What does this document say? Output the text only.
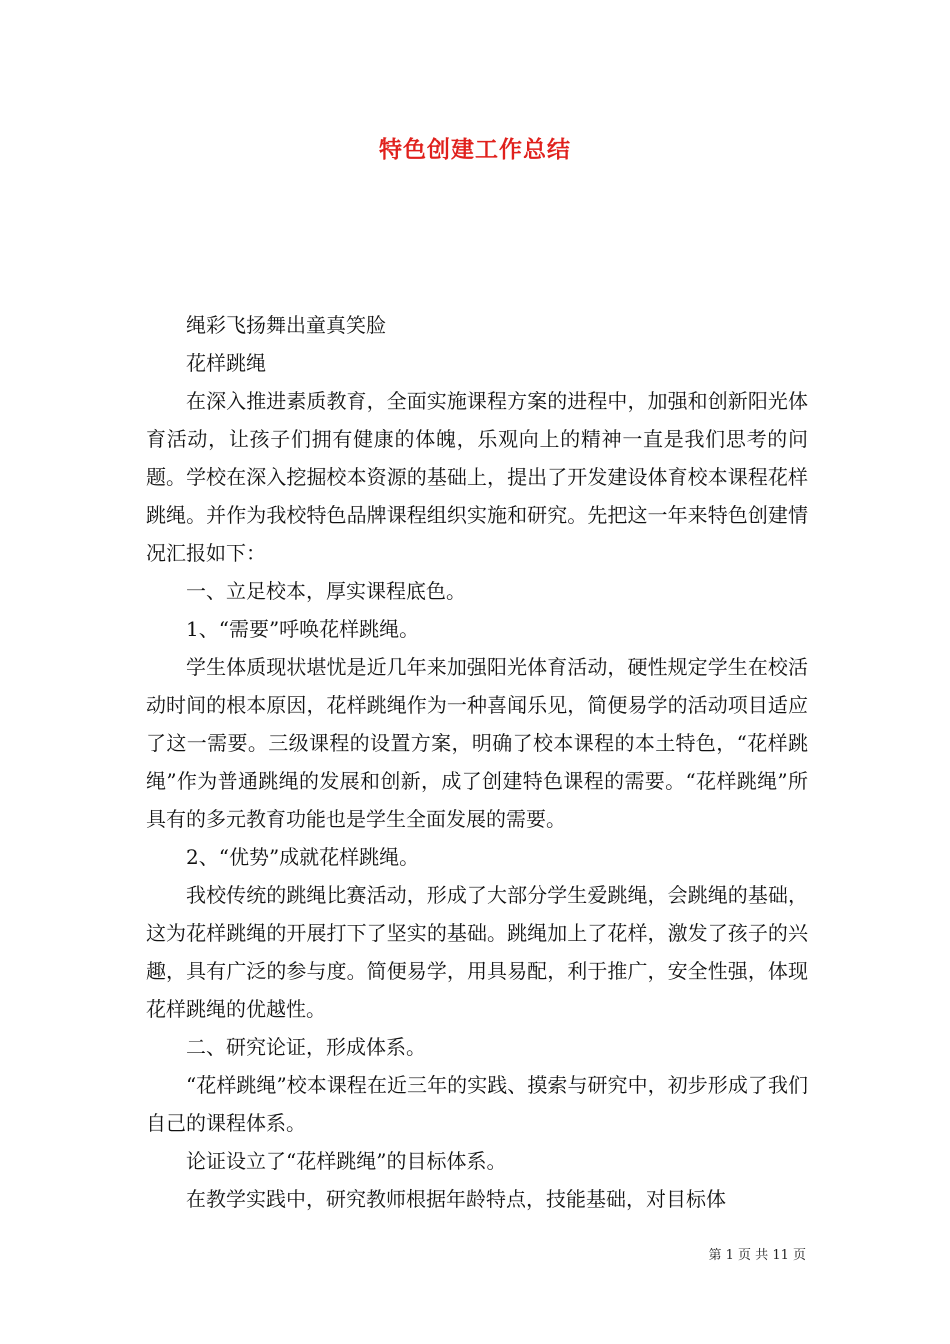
特色创建工作总结

绳彩飞扬舞出童真笑脸

花样跳绳

在深入推进素质教育，全面实施课程方案的进程中，加强和创新阳光体育活动，让孩子们拥有健康的体魄，乐观向上的精神一直是我们思考的问题。学校在深入挖掘校本资源的基础上，提出了开发建设体育校本课程花样跳绳。并作为我校特色品牌课程组织实施和研究。先把这一年来特色创建情况汇报如下：

一、立足校本，厚实课程底色。

1、“需要”呼唤花样跳绳。

学生体质现状堪忧是近几年来加强阳光体育活动，硬性规定学生在校活动时间的根本原因，花样跳绳作为一种喜闻乐见，简便易学的活动项目适应了这一需要。三级课程的设置方案，明确了校本课程的本土特色，“花样跳绳”作为普通跳绳的发展和创新，成了创建特色课程的需要。“花样跳绳”所具有的多元教育功能也是学生全面发展的需要。

2、“优势”成就花样跳绳。

我校传统的跳绳比赛活动，形成了大部分学生爱跳绳，会跳绳的基础，这为花样跳绳的开展打下了坚实的基础。跳绳加上了花样，激发了孩子的兴趣，具有广泛的参与度。简便易学，用具易配，利于推广，安全性强，体现花样跳绳的优越性。

二、研究论证，形成体系。

“花样跳绳”校本课程在近三年的实践、摸索与研究中，初步形成了我们自己的课程体系。

论证设立了“花样跳绳”的目标体系。

在教学实践中，研究教师根据年龄特点，技能基础，对目标体

第 1 页 共 11 页
